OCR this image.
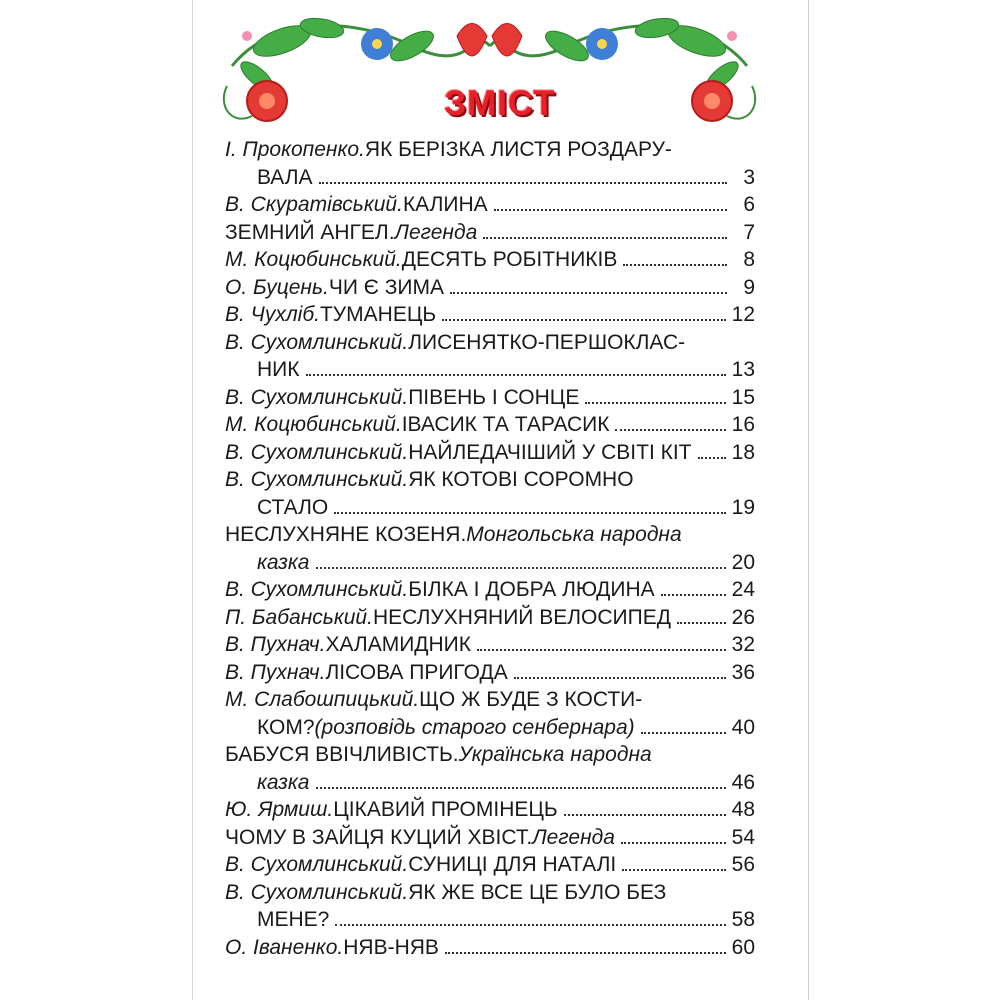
ЗМІСТ
І. Прокопенко. ЯК БЕРІЗКА ЛИСТЯ РОЗДАРУ-
ВАЛА	3
В. Скуратівський. КАЛИНА	6
ЗЕМНИЙ АНГЕЛ. Легенда	7
М. Коцюбинський. ДЕСЯТЬ РОБІТНИКІВ	8
О. Буцень. ЧИ Є ЗИМА	9
В. Чухліб. ТУМАНЕЦЬ	12
В. Сухомлинський. ЛИСЕНЯТКО-ПЕРШОКЛАС-
НИК	13
В. Сухомлинський. ПІВЕНЬ І СОНЦЕ	15
М. Коцюбинський. ІВАСИК ТА ТАРАСИК	16
В. Сухомлинський. НАЙЛЕДАЧІШИЙ У СВІТІ КІТ 18
В. Сухомлинський. ЯК КОТОВІ СОРОМНО
СТАЛО	19
НЕСЛУХНЯНЕ КОЗЕНЯ. Монгольська народна
казка	20
В. Сухомлинський. БІЛКА І ДОБРА ЛЮДИНА	24
П. Бабанський. НЕСЛУХНЯНИЙ ВЕЛОСИПЕД	26
В. Пухнач. ХАЛАМИДНИК	32
В. Пухнач. ЛІСОВА ПРИГОДА	36
М. Слабошпицький. ЩО Ж БУДЕ З КОСТИ-
КОМ? (розповідь старого сенбернара)	40
БАБУСЯ ВВІЧЛИВІСТЬ. Українська народна
казка	46
Ю. Ярмиш. ЦІКАВИЙ ПРОМІНЕЦЬ	48
ЧОМУ В ЗАЙЦЯ КУЦИЙ ХВІСТ. Легенда	54
В. Сухомлинський. СУНИЦІ ДЛЯ НАТАЛІ	56
В. Сухомлинський. ЯК ЖЕ ВСЕ ЦЕ БУЛО БЕЗ
МЕНЕ?	58
О. Іваненко. НЯВ-НЯВ	60
